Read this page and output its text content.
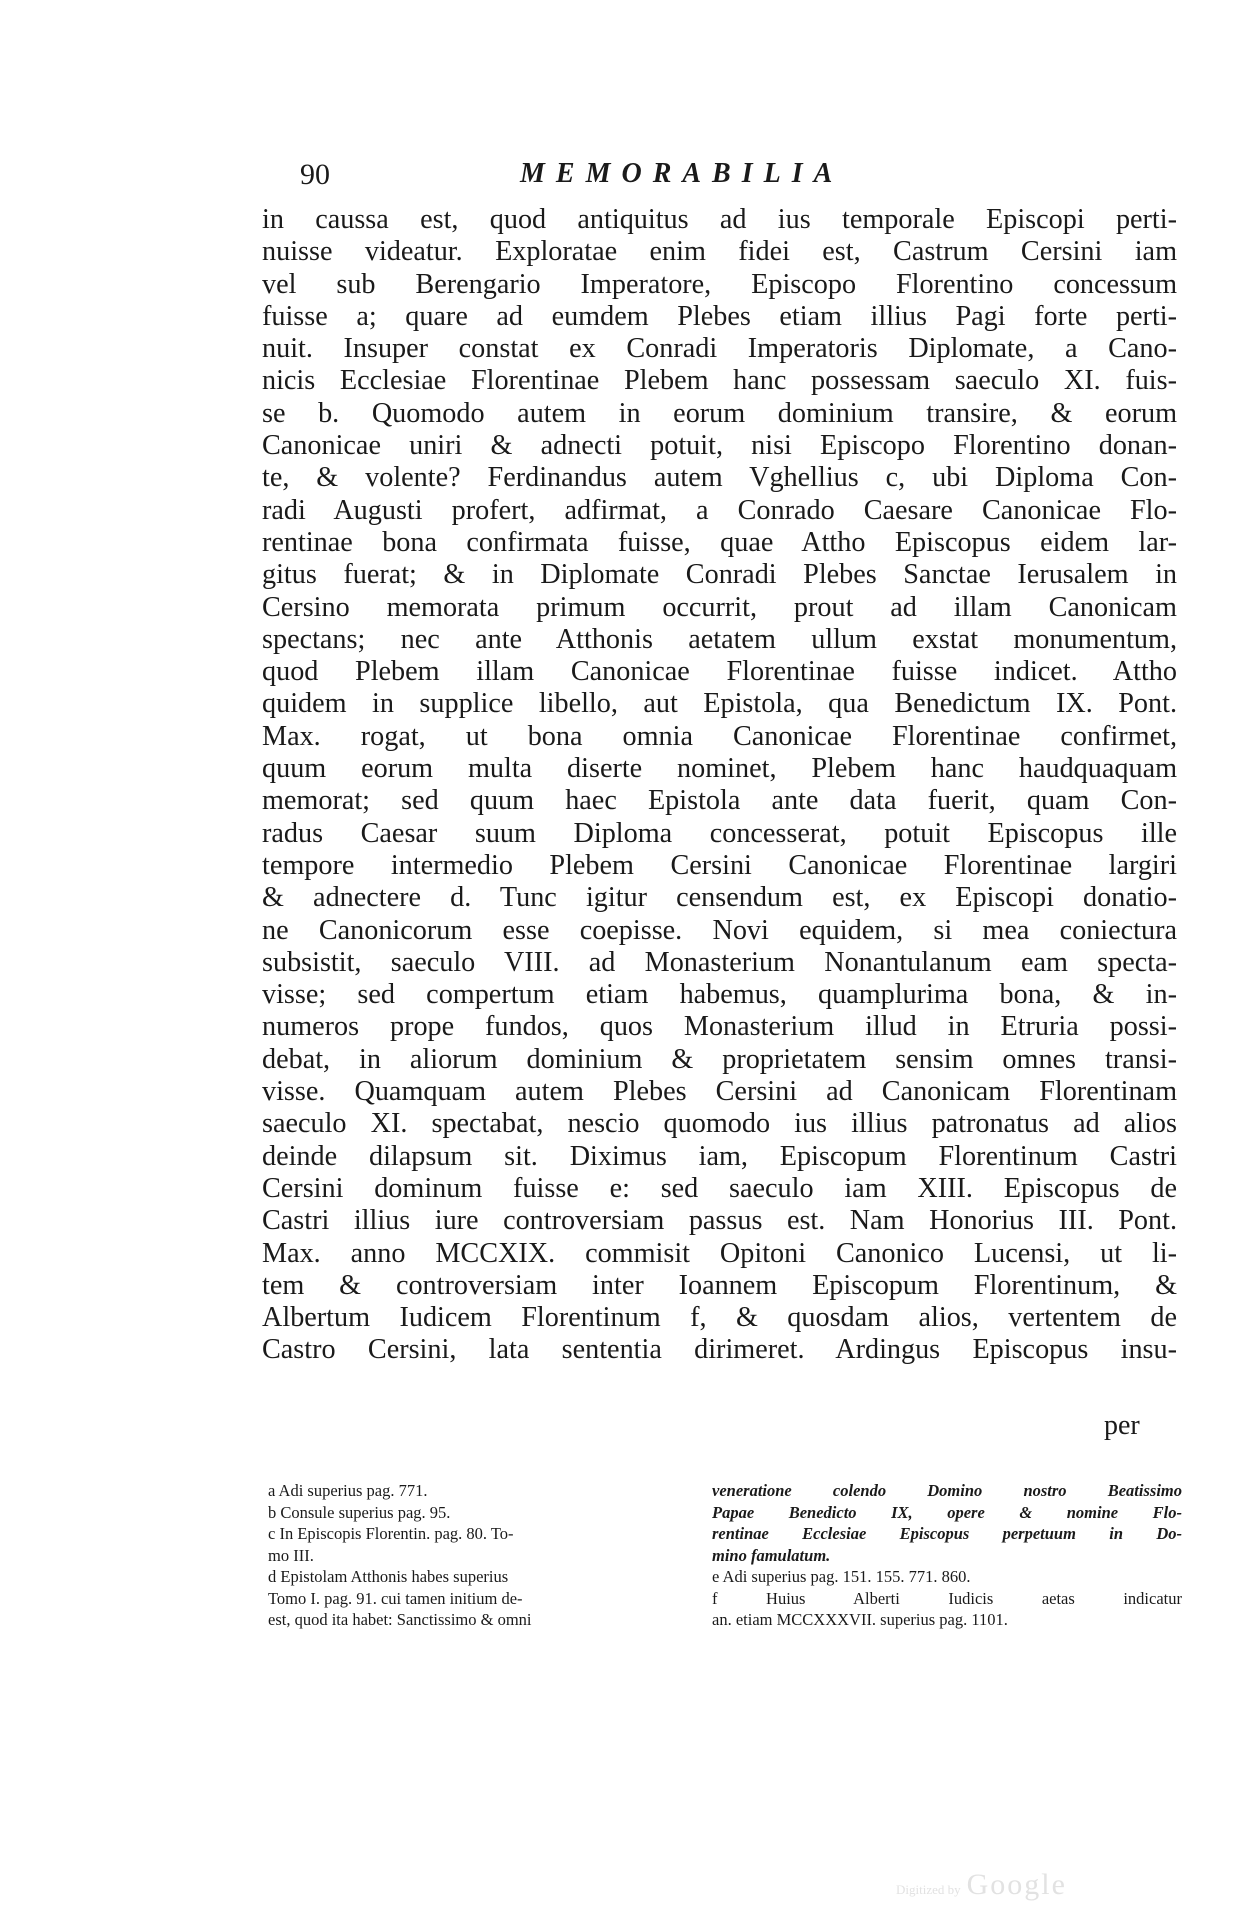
90	MEMORABILIA
in caussa est, quod antiquitus ad ius temporale Episcopi perti-
nuisse videatur. Exploratae enim fidei est, Castrum Cersini iam
vel sub Berengario Imperatore, Episcopo Florentino concessum
fuisse a; quare ad eumdem Plebes etiam illius Pagi forte perti-
nuit. Insuper constat ex Conradi Imperatoris Diplomate, a Cano-
nicis Ecclesiae Florentinae Plebem hanc possessam saeculo XI. fuis-
se b. Quomodo autem in eorum dominium transire, & eorum
Canonicae uniri & adnecti potuit, nisi Episcopo Florentino donan-
te, & volente? Ferdinandus autem Vghellius c, ubi Diploma Con-
radi Augusti profert, adfirmat, a Conrado Caesare Canonicae Flo-
rentinae bona confirmata fuisse, quae Attho Episcopus eidem lar-
gitus fuerat; & in Diplomate Conradi Plebes Sanctae Ierusalem in
Cersino memorata primum occurrit, prout ad illam Canonicam
spectans; nec ante Atthonis aetatem ullum exstat monumentum,
quod Plebem illam Canonicae Florentinae fuisse indicet. Attho
quidem in supplice libello, aut Epistola, qua Benedictum IX. Pont.
Max. rogat, ut bona omnia Canonicae Florentinae confirmet,
quum eorum multa diserte nominet, Plebem hanc haudquaquam
memorat; sed quum haec Epistola ante data fuerit, quam Con-
radus Caesar suum Diploma concesserat, potuit Episcopus ille
tempore intermedio Plebem Cersini Canonicae Florentinae largiri
& adnectere d. Tunc igitur censendum est, ex Episcopi donatio-
ne Canonicorum esse coepisse. Novi equidem, si mea coniectura
subsistit, saeculo VIII. ad Monasterium Nonantulanum eam specta-
visse; sed compertum etiam habemus, quamplurima bona, & in-
numeros prope fundos, quos Monasterium illud in Etruria possi-
debat, in aliorum dominium & proprietatem sensim omnes transi-
visse. Quamquam autem Plebes Cersini ad Canonicam Florentinam
saeculo XI. spectabat, nescio quomodo ius illius patronatus ad alios
deinde dilapsum sit. Diximus iam, Episcopum Florentinum Castri
Cersini dominum fuisse e: sed saeculo iam XIII. Episcopus de
Castri illius iure controversiam passus est. Nam Honorius III. Pont.
Max. anno MCCXIX. commisit Opitoni Canonico Lucensi, ut li-
tem & controversiam inter Ioannem Episcopum Florentinum, &
Albertum Iudicem Florentinum f, & quosdam alios, vertentem de
Castro Cersini, lata sententia dirimeret. Ardingus Episcopus insu-
per
a Adi superius pag. 771.
b Consule superius pag. 95.
c In Episcopis Florentin. pag. 80. To-
mo III.
d Epistolam Atthonis habes superius
Tomo I. pag. 91. cui tamen initium de-
est, quod ita habet: Sanctissimo & omni
veneratione colendo Domino nostro Beatissimo
Papae Benedicto IX, opere & nomine Flo-
rentinae Ecclesiae Episcopus perpetuum in Do-
mino famulatum.
e Adi superius pag. 151. 155. 771. 860.
f Huius Alberti Iudicis aetas indicatur
an. etiam MCCXXXVII. superius pag. 1101.
Digitized by Google
